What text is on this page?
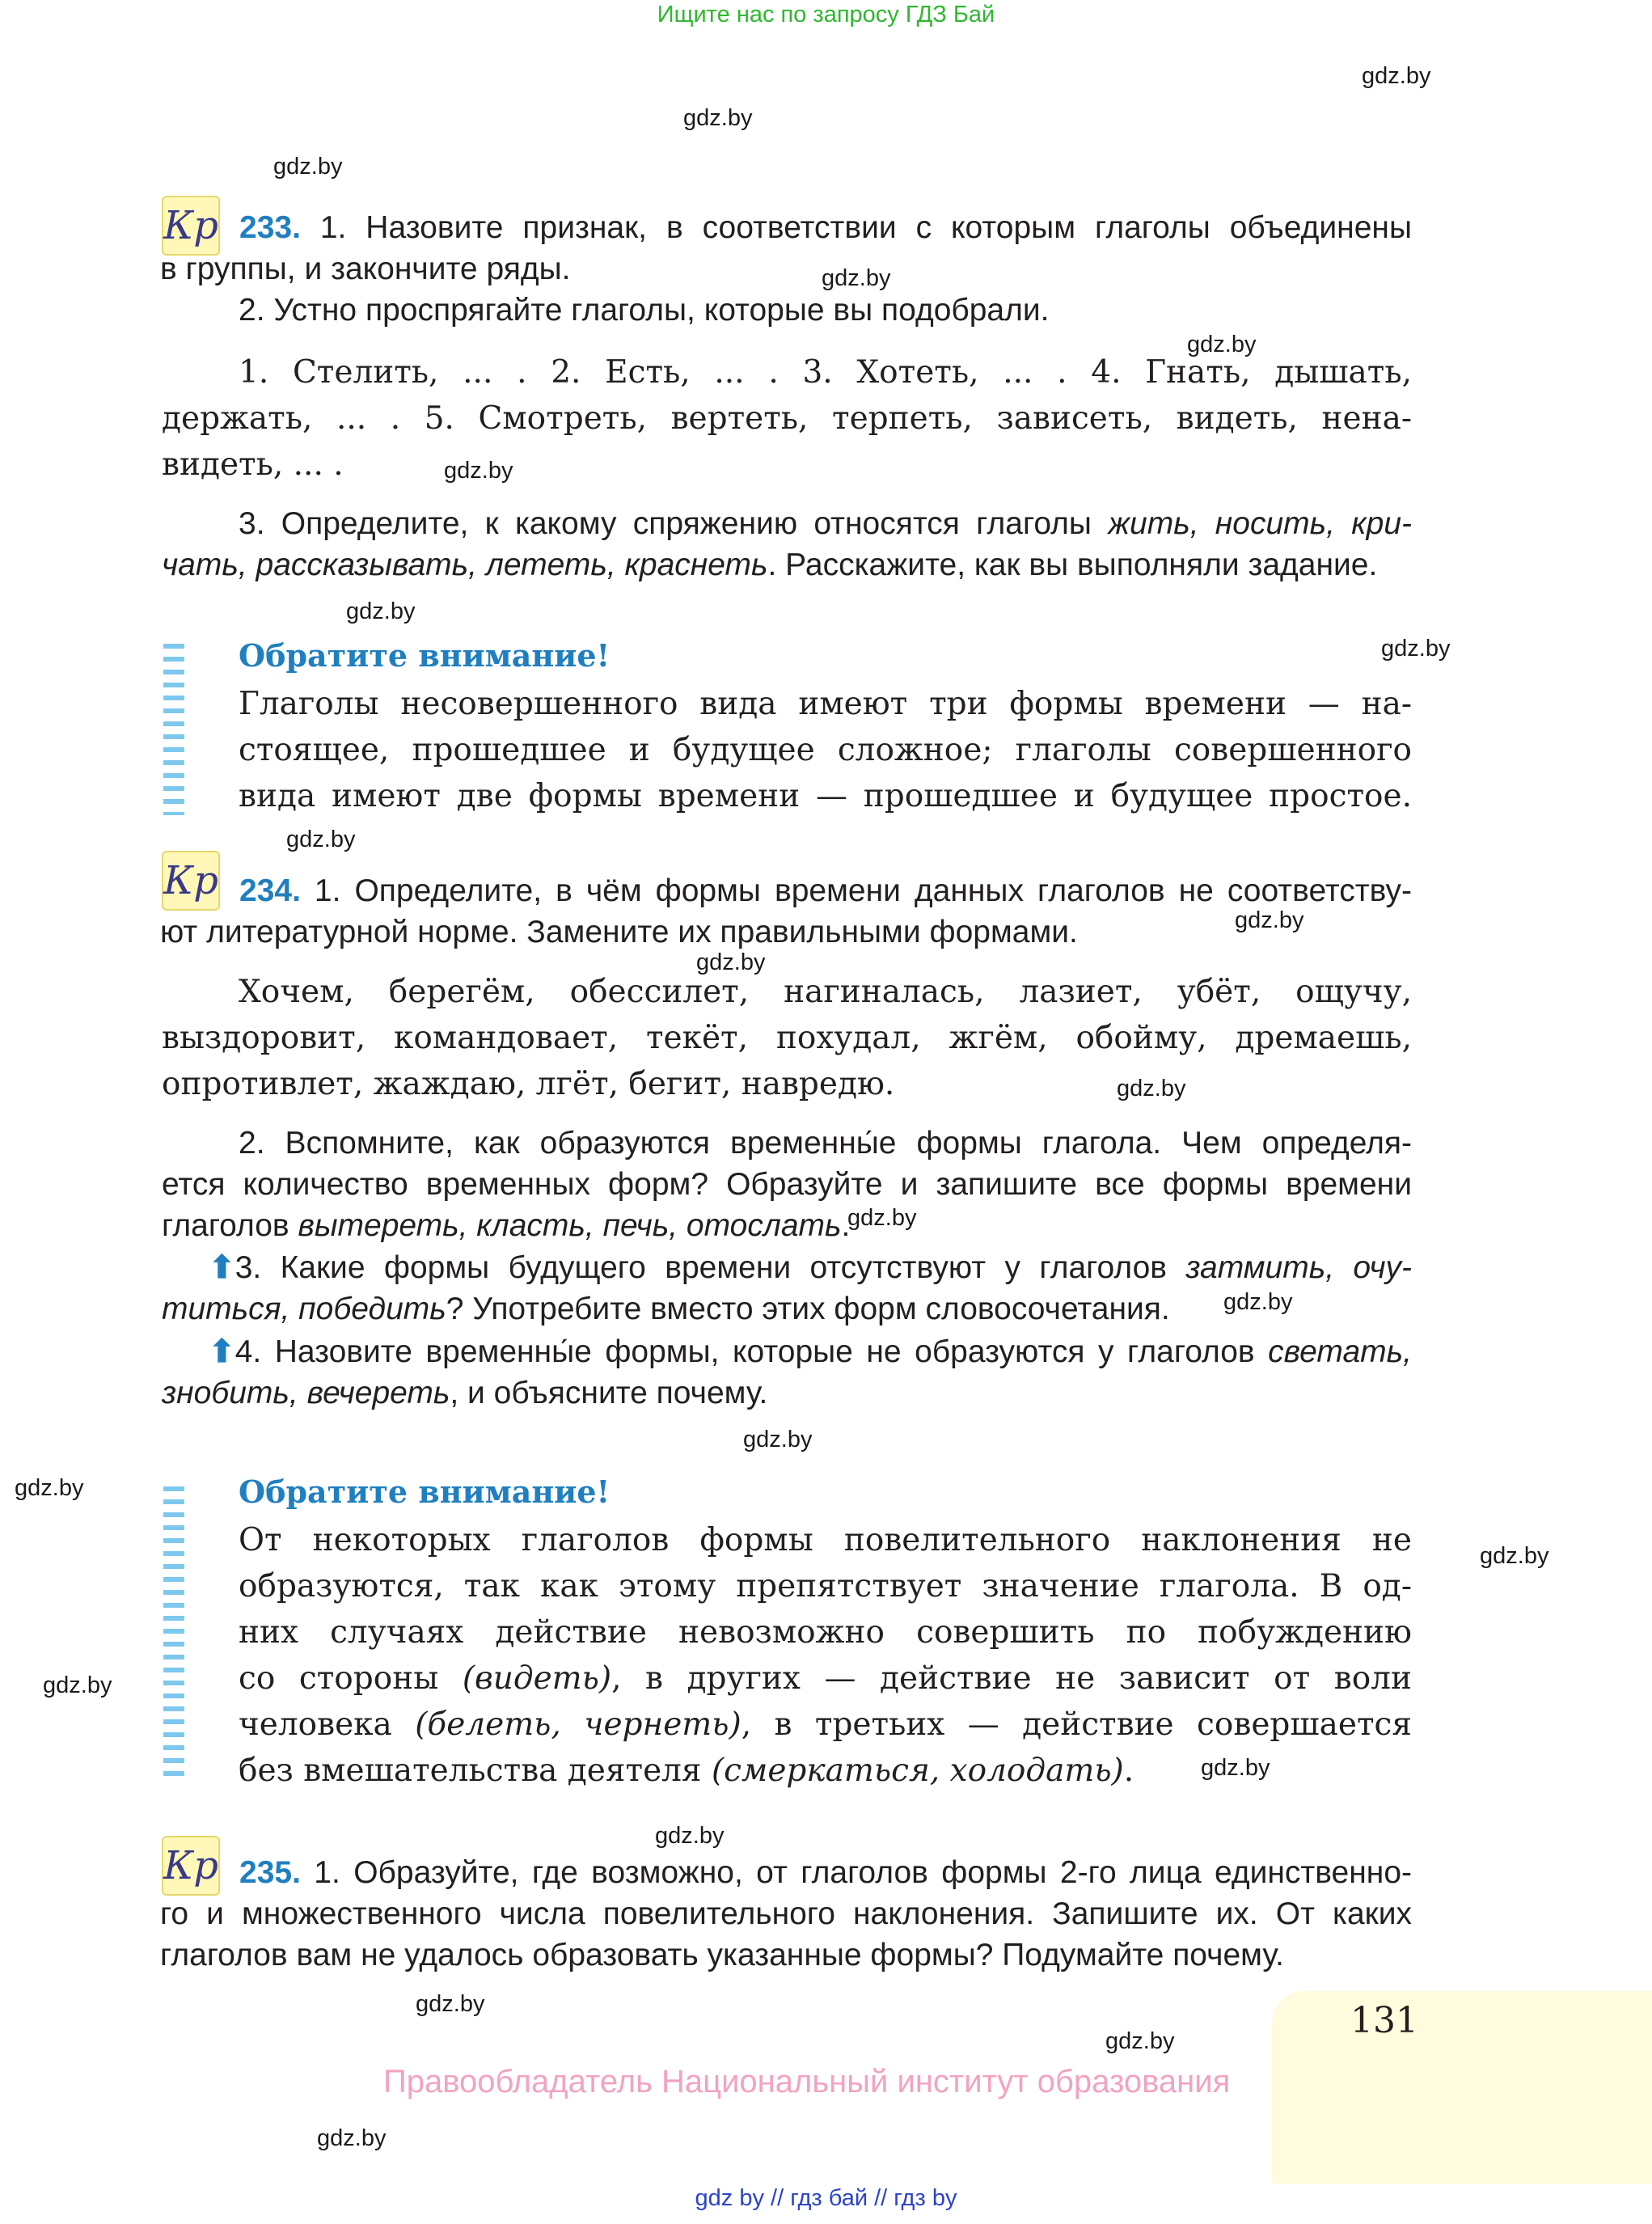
Ищите нас по запросу ГДЗ Бай
gdz.by
gdz.by
gdz.by
gdz.by
gdz.by
gdz.by
gdz.by
gdz.by
gdz.by
gdz.by
gdz.by
gdz.by
gdz.by
gdz.by
gdz.by
gdz.by
gdz.by
gdz.by
gdz.by
gdz.by
gdz.by
gdz.by
gdz.by
Кр 233. 1. Назовите признак, в соответствии с которым глаголы объединены
в группы, и закончите ряды.
2. Устно проспрягайте глаголы, которые вы подобрали.
1. Стелить, ... . 2. Есть, ... . 3. Хотеть, ... . 4. Гнать, дышать,
держать, ... . 5. Смотреть, вертеть, терпеть, зависеть, видеть, нена-
видеть, ... .
3. Определите, к какому спряжению относятся глаголы жить, носить, кри-
чать, рассказывать, лететь, краснеть. Расскажите, как вы выполняли задание.
Обратите внимание!
Глаголы несовершенного вида имеют три формы времени — на-
стоящее, прошедшее и будущее сложное; глаголы совершенного
вида имеют две формы времени — прошедшее и будущее простое.
Кр 234. 1. Определите, в чём формы времени данных глаголов не соответству-
ют литературной норме. Замените их правильными формами.
Хочем, берегём, обессилет, нагиналась, лазиет, убёт, ощучу,
выздоровит, командовает, текёт, похудал, жгём, обойму, дремаешь,
опротивлет, жаждаю, лгёт, бегит, навредю.
2. Вспомните, как образуются временны́е формы глагола. Чем определя-
ется количество временных форм? Образуйте и запишите все формы времени
глаголов вытереть, класть, печь, отослать.
⬆3. Какие формы будущего времени отсутствуют у глаголов затмить, очу-
титься, победить? Употребите вместо этих форм словосочетания.
⬆4. Назовите временны́е формы, которые не образуются у глаголов светать,
знобить, вечереть, и объясните почему.
Обратите внимание!
От некоторых глаголов формы повелительного наклонения не
образуются, так как этому препятствует значение глагола. В од-
них случаях действие невозможно совершить по побуждению
со стороны (видеть), в других — действие не зависит от воли
человека (белеть, чернеть), в третьих — действие совершается
без вмешательства деятеля (смеркаться, холодать).
Кр 235. 1. Образуйте, где возможно, от глаголов формы 2-го лица единственно-
го и множественного числа повелительного наклонения. Запишите их. От каких
глаголов вам не удалось образовать указанные формы? Подумайте почему.
131
Правообладатель Национальный институт образования
gdz by // гдз бай // гдз by
